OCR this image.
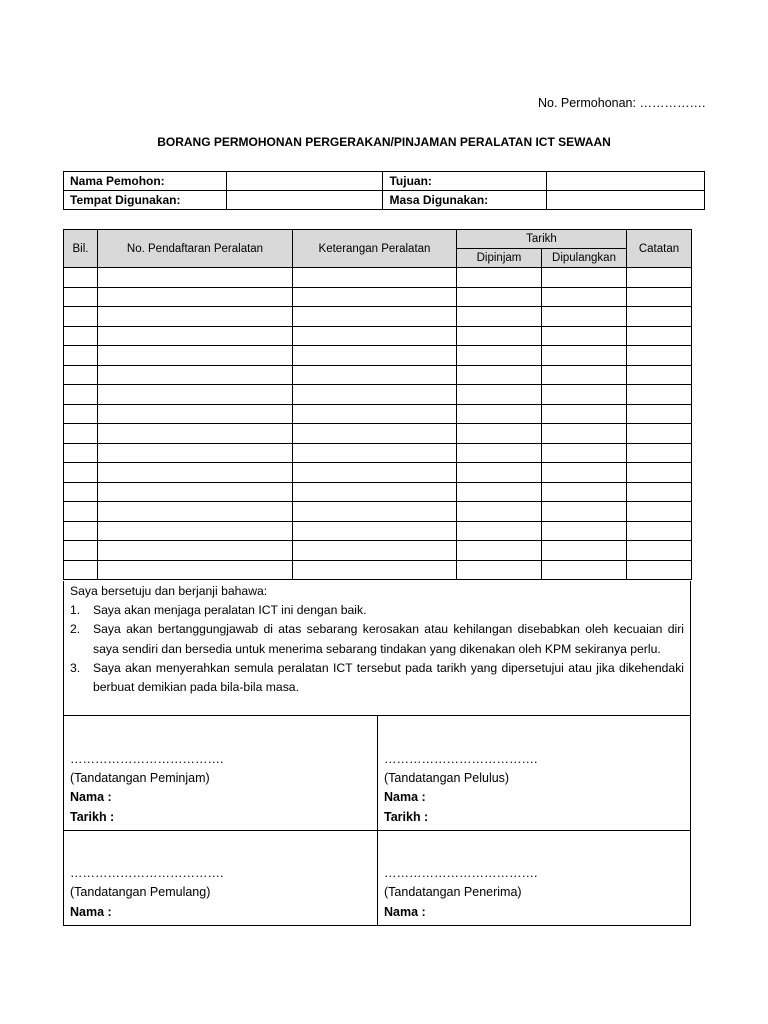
No. Permohonan: …………….
BORANG PERMOHONAN PERGERAKAN/PINJAMAN PERALATAN ICT SEWAAN
Nama Pemohon:		Tujuan:	
Tempat Digunakan:		Masa Digunakan:	
Bil.	No. Pendaftaran Peralatan	Keterangan Peralatan	Tarikh		Catatan
			Dipinjam	Dipulangkan	

Saya bersetuju dan berjanji bahawa:
1. Saya akan menjaga peralatan ICT ini dengan baik.
2. Saya akan bertanggungjawab di atas sebarang kerosakan atau kehilangan disebabkan oleh kecuaian diri saya sendiri dan bersedia untuk menerima sebarang tindakan yang dikenakan oleh KPM sekiranya perlu.
3. Saya akan menyerahkan semula peralatan ICT tersebut pada tarikh yang dipersetujui atau jika dikehendaki berbuat demikian pada bila-bila masa.
……………………………….
(Tandatangan Peminjam)
Nama :
Tarikh :
……………………………….
(Tandatangan Pelulus)
Nama :
Tarikh :
……………………………….
(Tandatangan Pemulang)
Nama :
……………………………….
(Tandatangan Penerima)
Nama :
